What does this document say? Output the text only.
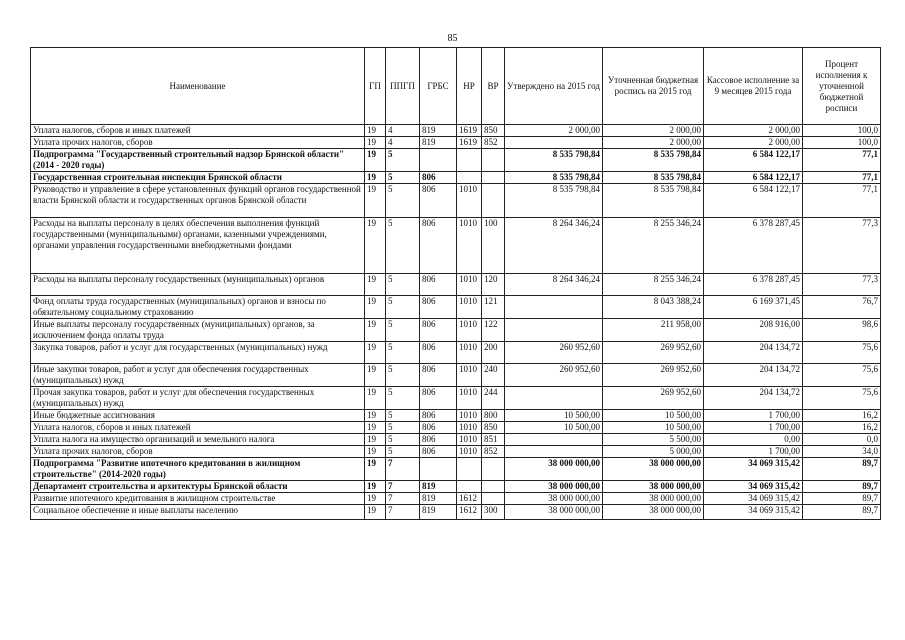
85
Наименование	ГП	ППГП	ГРБС	НР	ВР	Утверждено на 2015 год	Уточненная бюджетная роспись на 2015 год	Кассовое исполнение за 9 месяцев 2015 года	Процент исполнения к уточненной бюджетной росписи
Уплата налогов, сборов и иных платежей	19	4	819	1619	850	2 000,00	2 000,00	2 000,00	100,0
Уплата прочих налогов, сборов	19	4	819	1619	852		2 000,00	2 000,00	100,0
Подпрограмма "Государственный строительный надзор Брянской области" (2014 - 2020 годы)	19	5				8 535 798,84	8 535 798,84	6 584 122,17	77,1
Государственная строительная инспекция Брянской области	19	5	806			8 535 798,84	8 535 798,84	6 584 122,17	77,1
Руководство и управление в сфере установленных функций органов государственной власти Брянской области и государственных органов Брянской области	19	5	806	1010		8 535 798,84	8 535 798,84	6 584 122,17	77,1
Расходы на выплаты персоналу в целях обеспечения выполнения функций государственными (муниципальными) органами, казенными учреждениями, органами управления государственными внебюджетными фондами	19	5	806	1010	100	8 264 346,24	8 255 346,24	6 378 287,45	77,3
Расходы на выплаты персоналу государственных (муниципальных) органов	19	5	806	1010	120	8 264 346,24	8 255 346,24	6 378 287,45	77,3
Фонд оплаты труда государственных (муниципальных) органов и взносы по обязательному социальному страхованию	19	5	806	1010	121		8 043 388,24	6 169 371,45	76,7
Иные выплаты персоналу государственных (муниципальных) органов, за исключением фонда оплаты труда	19	5	806	1010	122		211 958,00	208 916,00	98,6
Закупка товаров, работ и услуг для государственных (муниципальных) нужд	19	5	806	1010	200	260 952,60	269 952,60	204 134,72	75,6
Иные закупки товаров, работ и услуг для обеспечения государственных (муниципальных) нужд	19	5	806	1010	240	260 952,60	269 952,60	204 134,72	75,6
Прочая закупка товаров, работ и услуг для обеспечения государственных (муниципальных) нужд	19	5	806	1010	244		269 952,60	204 134,72	75,6
Иные бюджетные ассигнования	19	5	806	1010	800	10 500,00	10 500,00	1 700,00	16,2
Уплата налогов, сборов и иных платежей	19	5	806	1010	850	10 500,00	10 500,00	1 700,00	16,2
Уплата налога на имущество организаций и земельного налога	19	5	806	1010	851		5 500,00	0,00	0,0
Уплата прочих налогов, сборов	19	5	806	1010	852		5 000,00	1 700,00	34,0
Подпрограмма "Развитие ипотечного кредитования в жилищном строительстве" (2014-2020 годы)	19	7				38 000 000,00	38 000 000,00	34 069 315,42	89,7
Департамент строительства и архитектуры Брянской области	19	7	819			38 000 000,00	38 000 000,00	34 069 315,42	89,7
Развитие ипотечного кредитования в жилищном строительстве	19	7	819	1612		38 000 000,00	38 000 000,00	34 069 315,42	89,7
Социальное обеспечение и иные выплаты населению	19	7	819	1612	300	38 000 000,00	38 000 000,00	34 069 315,42	89,7
